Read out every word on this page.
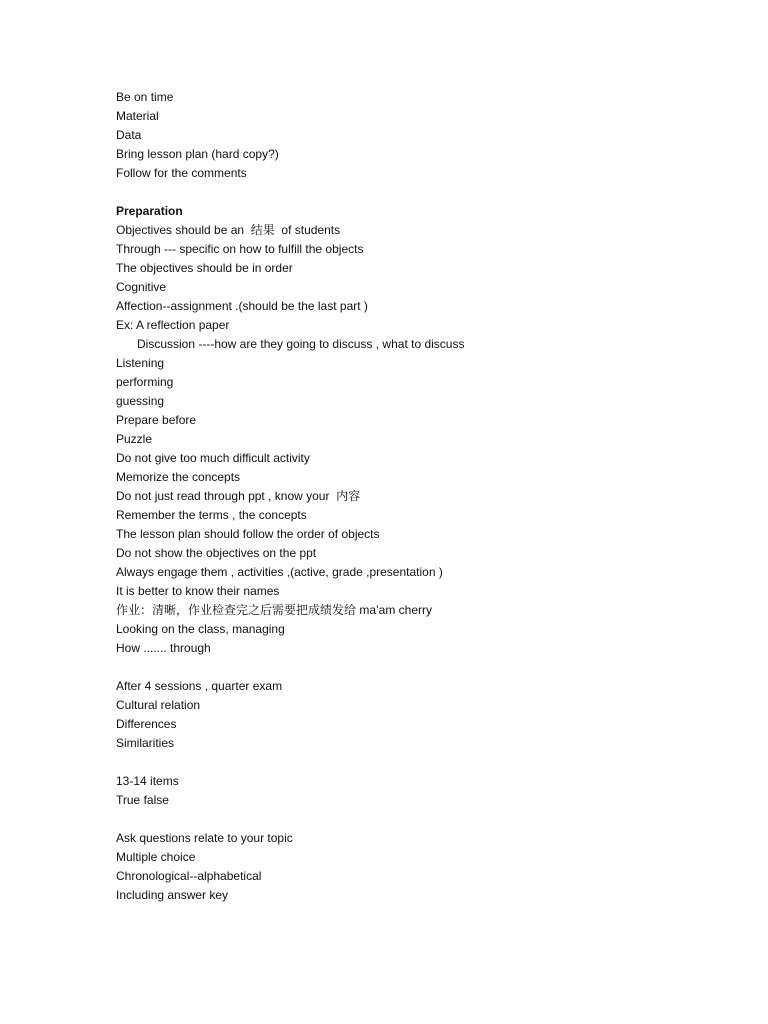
Be on time
Material
Data
Bring lesson plan (hard copy?)
Follow for the comments
Preparation
Objectives should be an  结果  of students
Through --- specific on how to fulfill the objects
The objectives should be in order
Cognitive
Affection--assignment .(should be the last part )
Ex: A reflection paper
Discussion ----how are they going to discuss , what to discuss
Listening
performing
guessing
Prepare before
Puzzle
Do not give too much difficult activity
Memorize the concepts
Do not just read through ppt , know your  内容
Remember the terms , the concepts
The lesson plan should follow the order of objects
Do not show the objectives on the ppt
Always engage them , activities ,(active, grade ,presentation )
It is better to know their names
作业：清晰，作业检查完之后需要把成绩发给 ma’am cherry
Looking on the class, managing
How ....... through
After 4 sessions , quarter exam
Cultural relation
Differences
Similarities
13-14 items
True false
Ask questions relate to your topic
Multiple choice
Chronological--alphabetical
Including answer key
